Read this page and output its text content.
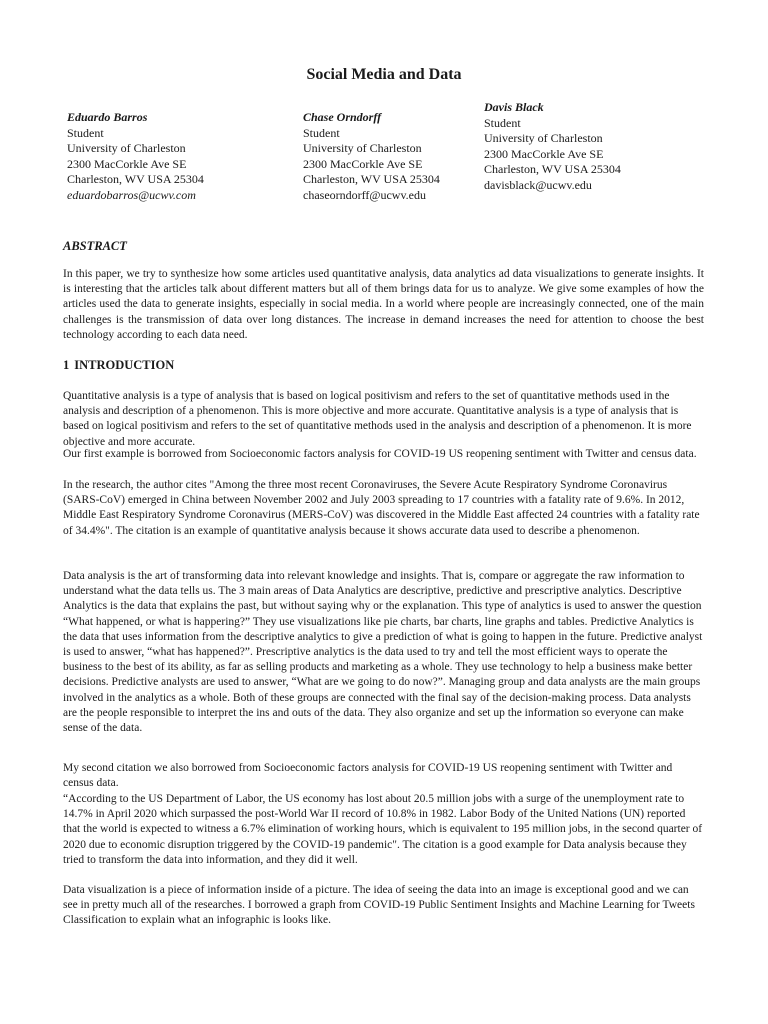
Social Media and Data
Eduardo Barros
Student
University of Charleston
2300 MacCorkle Ave SE
Charleston, WV USA 25304
eduardobarros@ucwv.com
Chase Orndorff
Student
University of Charleston
2300 MacCorkle Ave SE
Charleston, WV USA 25304
chaseorndorff@ucwv.edu
Davis Black
Student
University of Charleston
2300 MacCorkle Ave SE
Charleston, WV USA 25304
davisblack@ucwv.edu
ABSTRACT
In this paper, we try to synthesize how some articles used quantitative analysis, data analytics ad data visualizations to generate insights. It is interesting that the articles talk about different matters but all of them brings data for us to analyze. We give some examples of how the articles used the data to generate insights, especially in social media. In a world where people are increasingly connected, one of the main challenges is the transmission of data over long distances. The increase in demand increases the need for attention to choose the best technology according to each data need.
1 INTRODUCTION
Quantitative analysis is a type of analysis that is based on logical positivism and refers to the set of quantitative methods used in the analysis and description of a phenomenon. This is more objective and more accurate. Quantitative analysis is a type of analysis that is based on logical positivism and refers to the set of quantitative methods used in the analysis and description of a phenomenon. It is more objective and more accurate.
Our first example is borrowed from Socioeconomic factors analysis for COVID-19 US reopening sentiment with Twitter and census data.
In the research, the author cites "Among the three most recent Coronaviruses, the Severe Acute Respiratory Syndrome Coronavirus (SARS-CoV) emerged in China between November 2002 and July 2003 spreading to 17 countries with a fatality rate of 9.6%. In 2012, Middle East Respiratory Syndrome Coronavirus (MERS-CoV) was discovered in the Middle East affected 24 countries with a fatality rate of 34.4%". The citation is an example of quantitative analysis because it shows accurate data used to describe a phenomenon.
Data analysis is the art of transforming data into relevant knowledge and insights. That is, compare or aggregate the raw information to understand what the data tells us. The 3 main areas of Data Analytics are descriptive, predictive and prescriptive analytics. Descriptive Analytics is the data that explains the past, but without saying why or the explanation. This type of analytics is used to answer the question “What happened, or what is happering?” They use visualizations like pie charts, bar charts, line graphs and tables. Predictive Analytics is the data that uses information from the descriptive analytics to give a prediction of what is going to happen in the future. Predictive analyst is used to answer, “what has happened?”. Prescriptive analytics is the data used to try and tell the most efficient ways to operate the business to the best of its ability, as far as selling products and marketing as a whole. They use technology to help a business make better decisions. Predictive analysts are used to answer, “What are we going to do now?”. Managing group and data analysts are the main groups involved in the analytics as a whole. Both of these groups are connected with the final say of the decision-making process. Data analysts are the people responsible to interpret the ins and outs of the data. They also organize and set up the information so everyone can make sense of the data.
My second citation we also borrowed from Socioeconomic factors analysis for COVID-19 US reopening sentiment with Twitter and census data.
“According to the US Department of Labor, the US economy has lost about 20.5 million jobs with a surge of the unemployment rate to 14.7% in April 2020 which surpassed the post-World War II record of 10.8% in 1982. Labor Body of the United Nations (UN) reported that the world is expected to witness a 6.7% elimination of working hours, which is equivalent to 195 million jobs, in the second quarter of 2020 due to economic disruption triggered by the COVID-19 pandemic". The citation is a good example for Data analysis because they tried to transform the data into information, and they did it well.
Data visualization is a piece of information inside of a picture. The idea of seeing the data into an image is exceptional good and we can see in pretty much all of the researches. I borrowed a graph from COVID-19 Public Sentiment Insights and Machine Learning for Tweets Classification to explain what an infographic is looks like.
